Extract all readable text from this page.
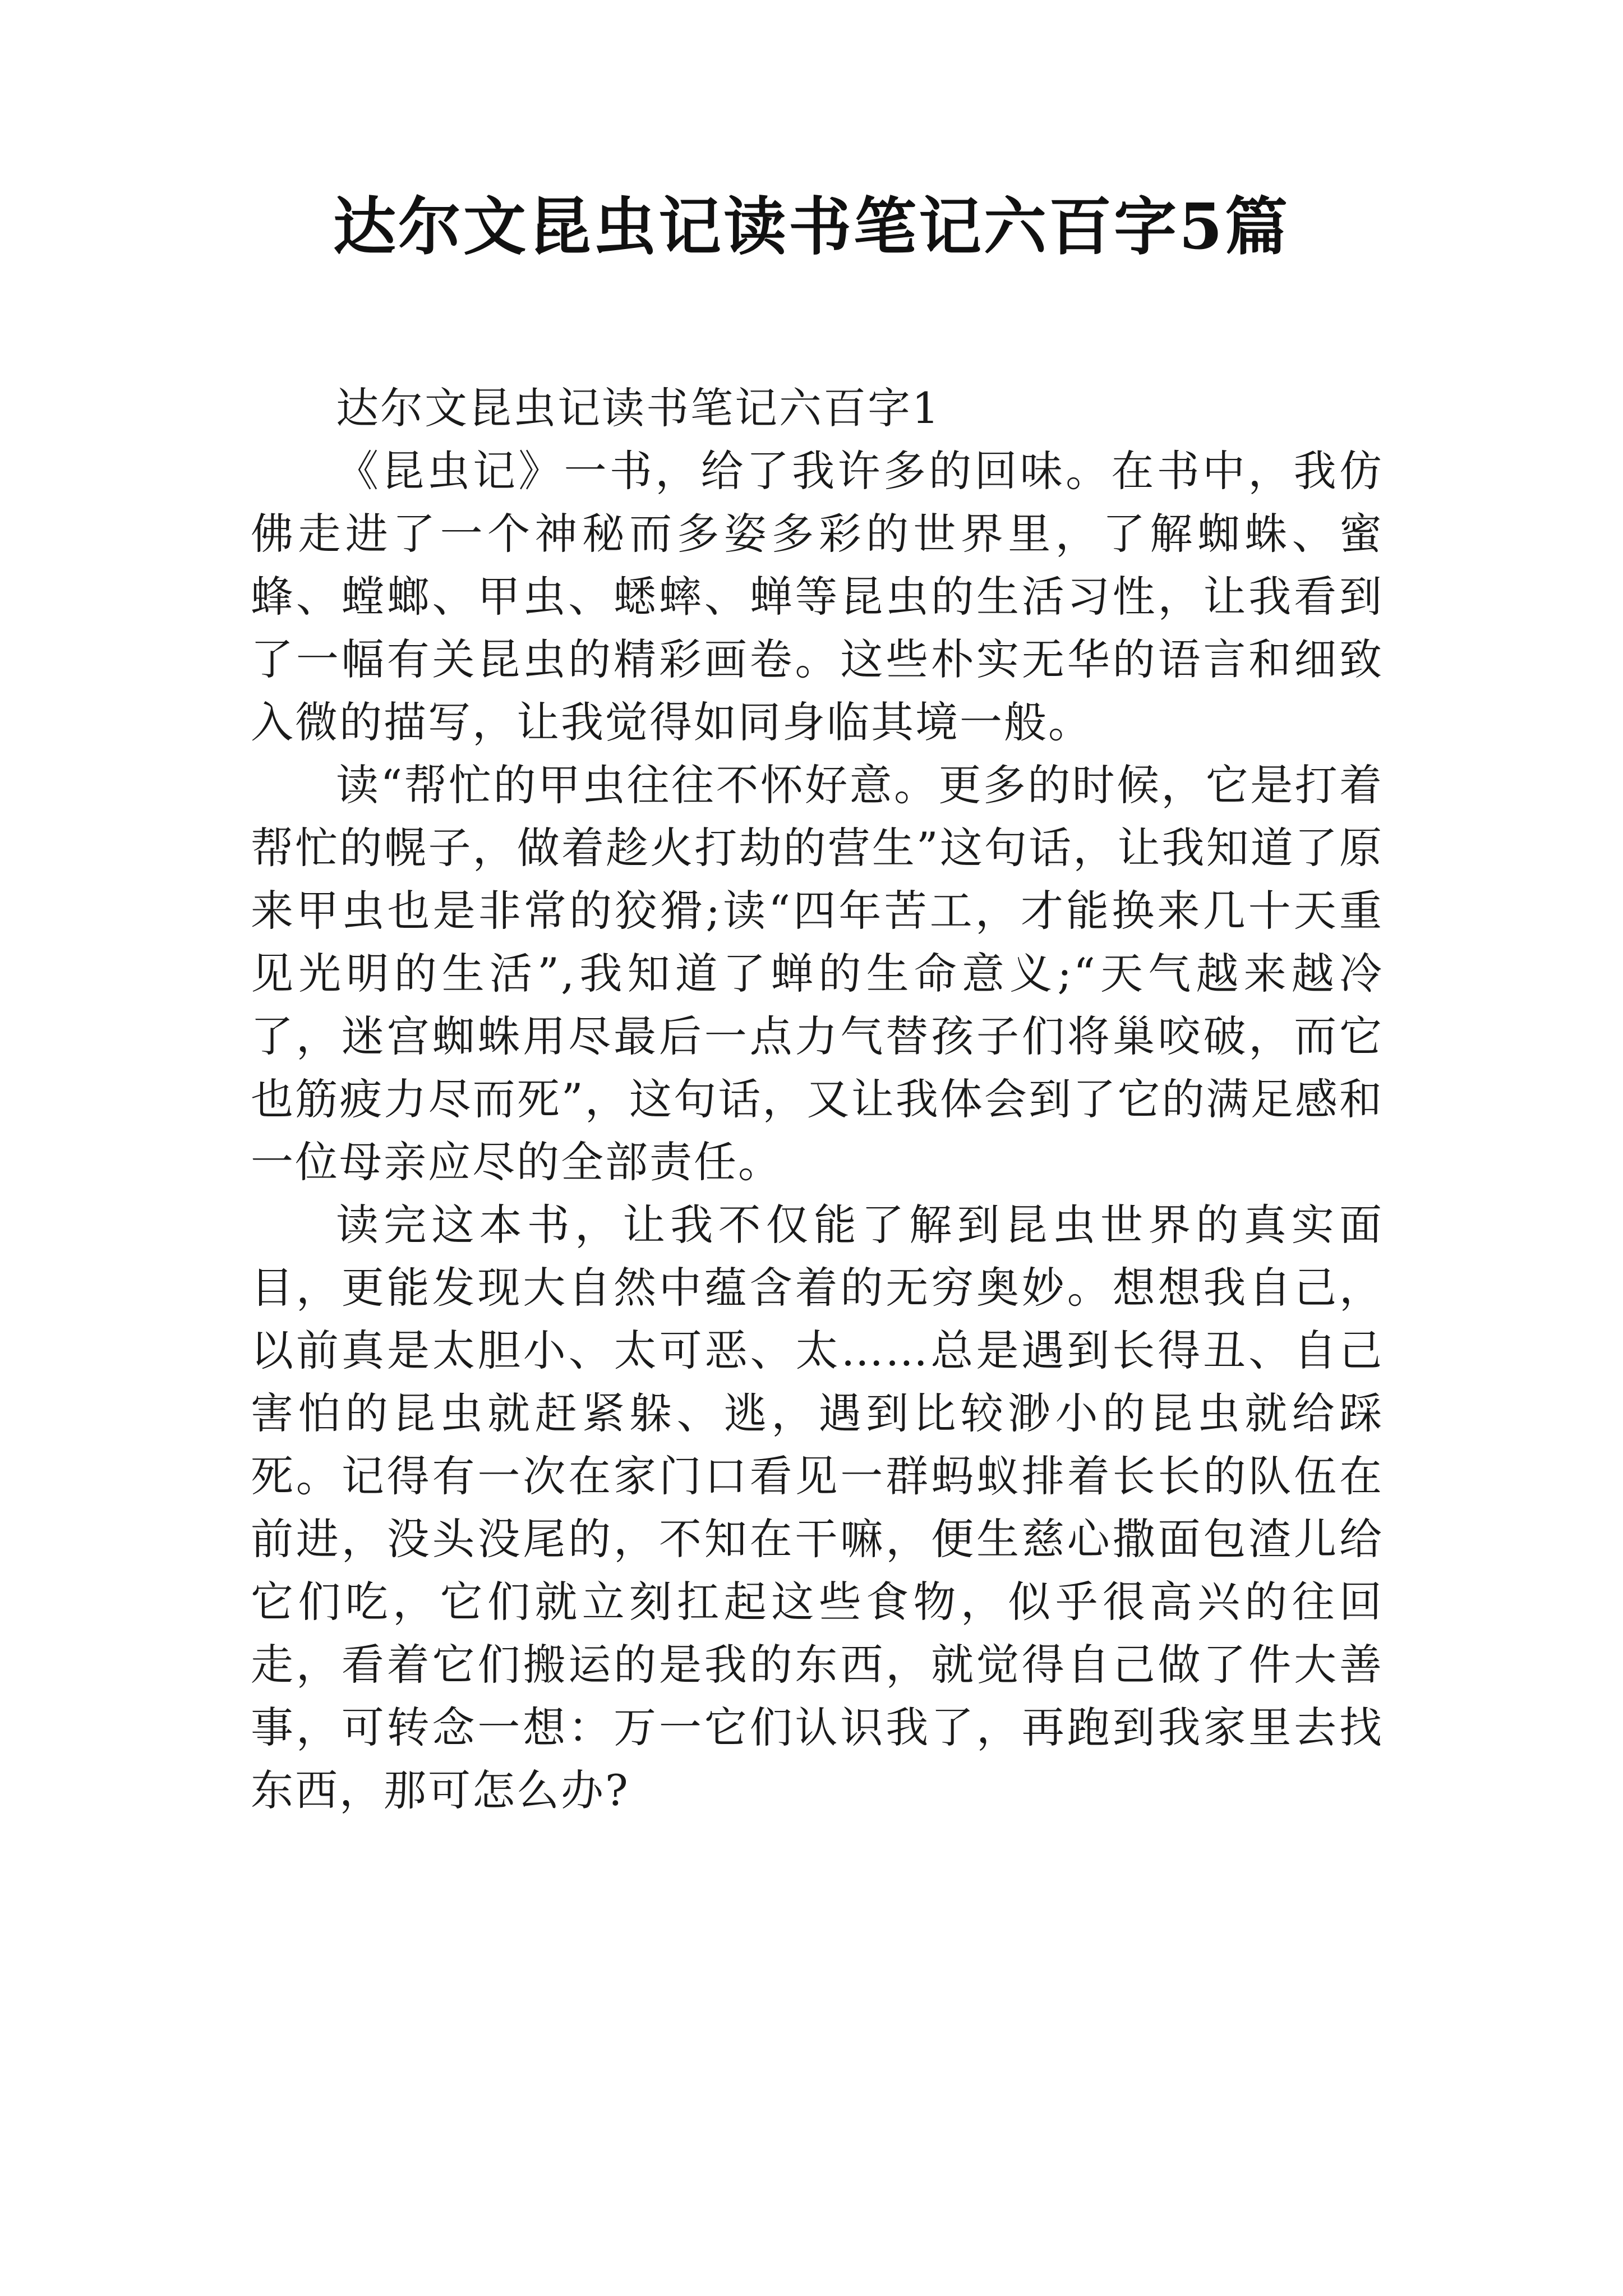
达尔文昆虫记读书笔记六百字5篇

达尔文昆虫记读书笔记六百字1

《昆虫记》一书，给了我许多的回味。在书中，我仿佛走进了一个神秘而多姿多彩的世界里，了解蜘蛛、蜜蜂、螳螂、甲虫、蟋蟀、蝉等昆虫的生活习性，让我看到了一幅有关昆虫的精彩画卷。这些朴实无华的语言和细致入微的描写，让我觉得如同身临其境一般。

读“帮忙的甲虫往往不怀好意。更多的时候，它是打着帮忙的幌子，做着趁火打劫的营生”这句话，让我知道了原来甲虫也是非常的狡猾;读“四年苦工，才能换来几十天重见光明的生活”,我知道了蝉的生命意义;“天气越来越冷了，迷宫蜘蛛用尽最后一点力气替孩子们将巢咬破，而它也筋疲力尽而死”，这句话，又让我体会到了它的满足感和一位母亲应尽的全部责任。

读完这本书，让我不仅能了解到昆虫世界的真实面目，更能发现大自然中蕴含着的无穷奥妙。想想我自己，以前真是太胆小、太可恶、太……总是遇到长得丑、自己害怕的昆虫就赶紧躲、逃，遇到比较渺小的昆虫就给踩死。记得有一次在家门口看见一群蚂蚁排着长长的队伍在前进，没头没尾的，不知在干嘛，便生慈心撒面包渣儿给它们吃，它们就立刻扛起这些食物，似乎很高兴的往回走，看着它们搬运的是我的东西，就觉得自己做了件大善事，可转念一想：万一它们认识我了，再跑到我家里去找东西，那可怎么办?
